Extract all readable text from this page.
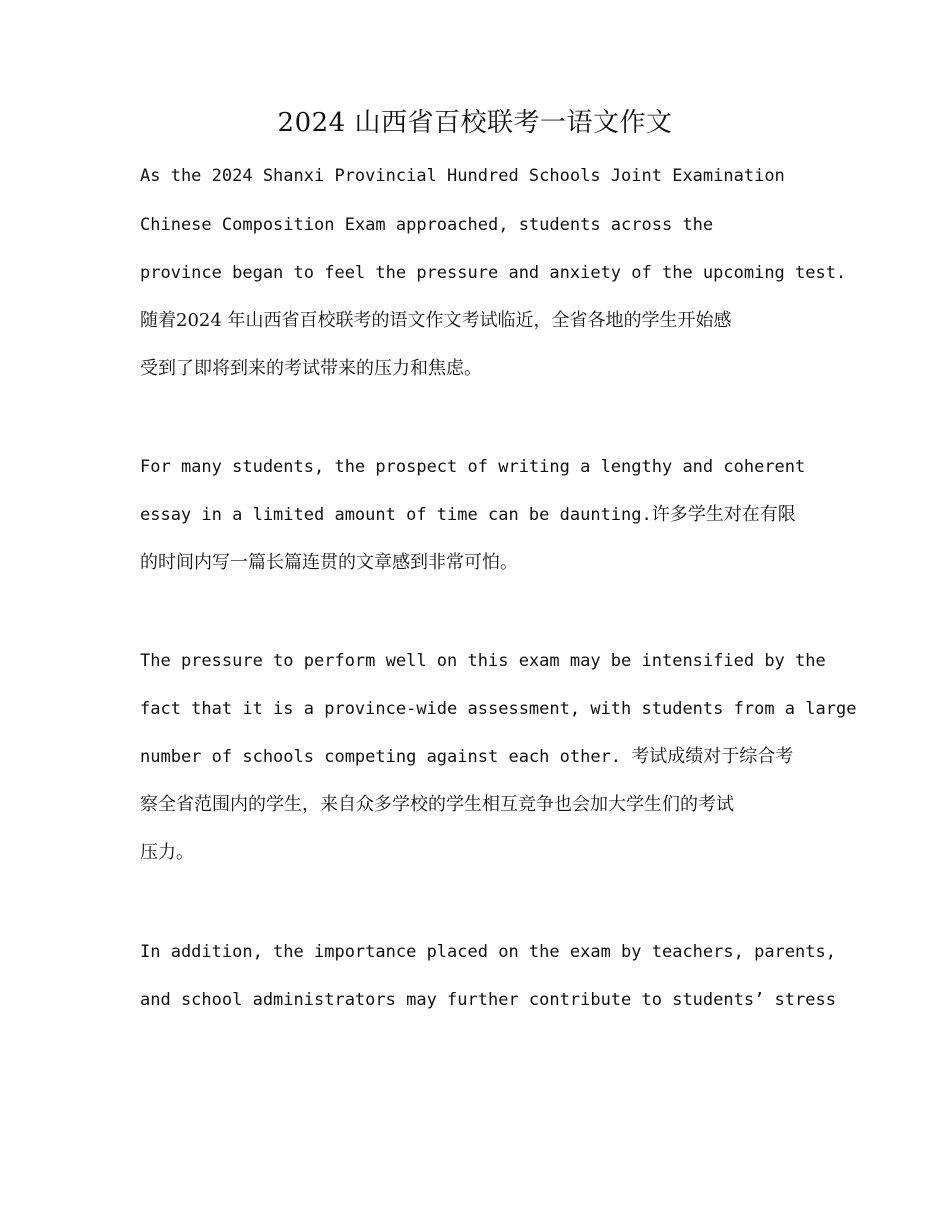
2024 山西省百校联考一语文作文

As the 2024 Shanxi Provincial Hundred Schools Joint Examination

Chinese Composition Exam approached, students across the

province began to feel the pressure and anxiety of the upcoming test.

随着2024 年山西省百校联考的语文作文考试临近，全省各地的学生开始感

受到了即将到来的考试带来的压力和焦虑。

For many students, the prospect of writing a lengthy and coherent

essay in a limited amount of time can be daunting.许多学生对在有限

的时间内写一篇长篇连贯的文章感到非常可怕。

The pressure to perform well on this exam may be intensified by the

fact that it is a province-wide assessment, with students from a large

number of schools competing against each other. 考试成绩对于综合考

察全省范围内的学生，来自众多学校的学生相互竞争也会加大学生们的考试

压力。

In addition, the importance placed on the exam by teachers, parents,

and school administrators may further contribute to students’ stress
